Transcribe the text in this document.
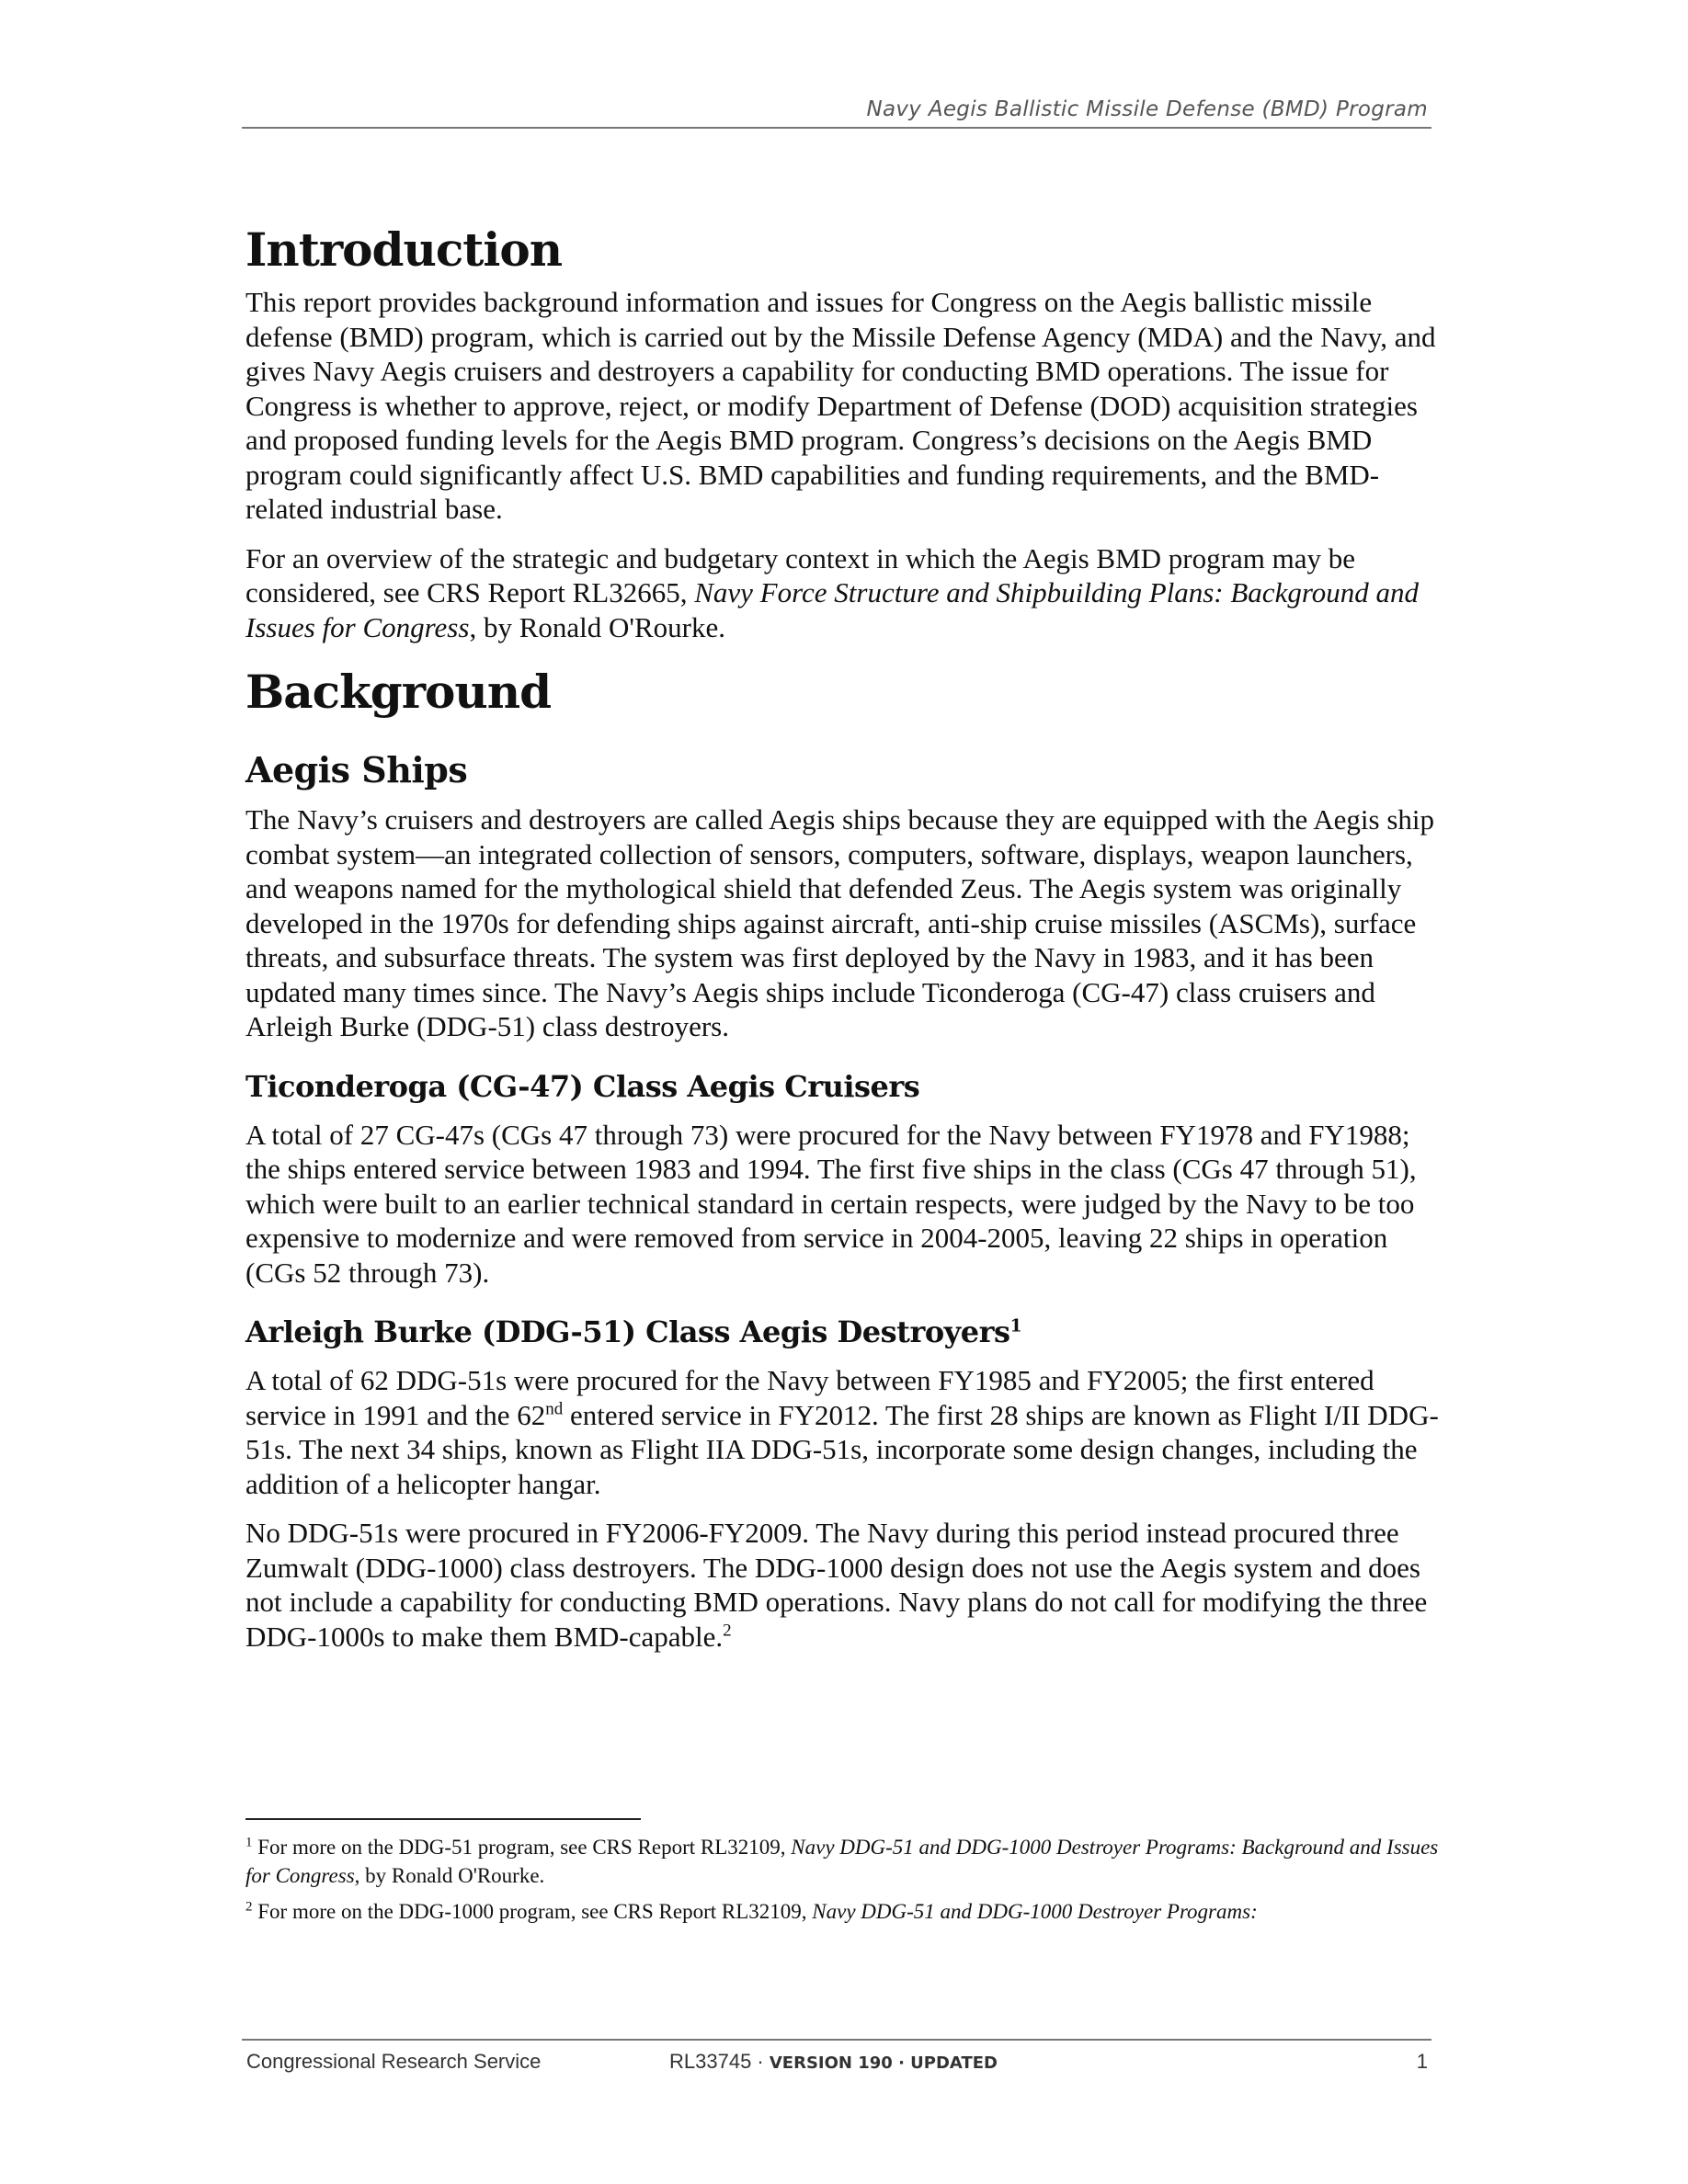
Navy Aegis Ballistic Missile Defense (BMD) Program
Introduction

This report provides background information and issues for Congress on the Aegis ballistic missile defense (BMD) program, which is carried out by the Missile Defense Agency (MDA) and the Navy, and gives Navy Aegis cruisers and destroyers a capability for conducting BMD operations. The issue for Congress is whether to approve, reject, or modify Department of Defense (DOD) acquisition strategies and proposed funding levels for the Aegis BMD program. Congress’s decisions on the Aegis BMD program could significantly affect U.S. BMD capabilities and funding requirements, and the BMD-related industrial base.

For an overview of the strategic and budgetary context in which the Aegis BMD program may be considered, see CRS Report RL32665, Navy Force Structure and Shipbuilding Plans: Background and Issues for Congress, by Ronald O'Rourke.

Background
Aegis Ships

The Navy’s cruisers and destroyers are called Aegis ships because they are equipped with the Aegis ship combat system—an integrated collection of sensors, computers, software, displays, weapon launchers, and weapons named for the mythological shield that defended Zeus. The Aegis system was originally developed in the 1970s for defending ships against aircraft, anti-ship cruise missiles (ASCMs), surface threats, and subsurface threats. The system was first deployed by the Navy in 1983, and it has been updated many times since. The Navy’s Aegis ships include Ticonderoga (CG-47) class cruisers and Arleigh Burke (DDG-51) class destroyers.

Ticonderoga (CG-47) Class Aegis Cruisers

A total of 27 CG-47s (CGs 47 through 73) were procured for the Navy between FY1978 and FY1988; the ships entered service between 1983 and 1994. The first five ships in the class (CGs 47 through 51), which were built to an earlier technical standard in certain respects, were judged by the Navy to be too expensive to modernize and were removed from service in 2004-2005, leaving 22 ships in operation (CGs 52 through 73).

Arleigh Burke (DDG-51) Class Aegis Destroyers$^1$

A total of 62 DDG-51s were procured for the Navy between FY1985 and FY2005; the first entered service in 1991 and the 62nd entered service in FY2012. The first 28 ships are known as Flight I/II DDG-51s. The next 34 ships, known as Flight IIA DDG-51s, incorporate some design changes, including the addition of a helicopter hangar.

No DDG-51s were procured in FY2006-FY2009. The Navy during this period instead procured three Zumwalt (DDG-1000) class destroyers. The DDG-1000 design does not use the Aegis system and does not include a capability for conducting BMD operations. Navy plans do not call for modifying the three DDG-1000s to make them BMD-capable.$^2$

$^1$ For more on the DDG-51 program, see CRS Report RL32109, Navy DDG-51 and DDG-1000 Destroyer Programs: Background and Issues for Congress, by Ronald O'Rourke.

$^2$ For more on the DDG-1000 program, see CRS Report RL32109, Navy DDG-51 and DDG-1000 Destroyer Programs:

Congressional Research Service	RL33745 · VERSION 190 · UPDATED	1
